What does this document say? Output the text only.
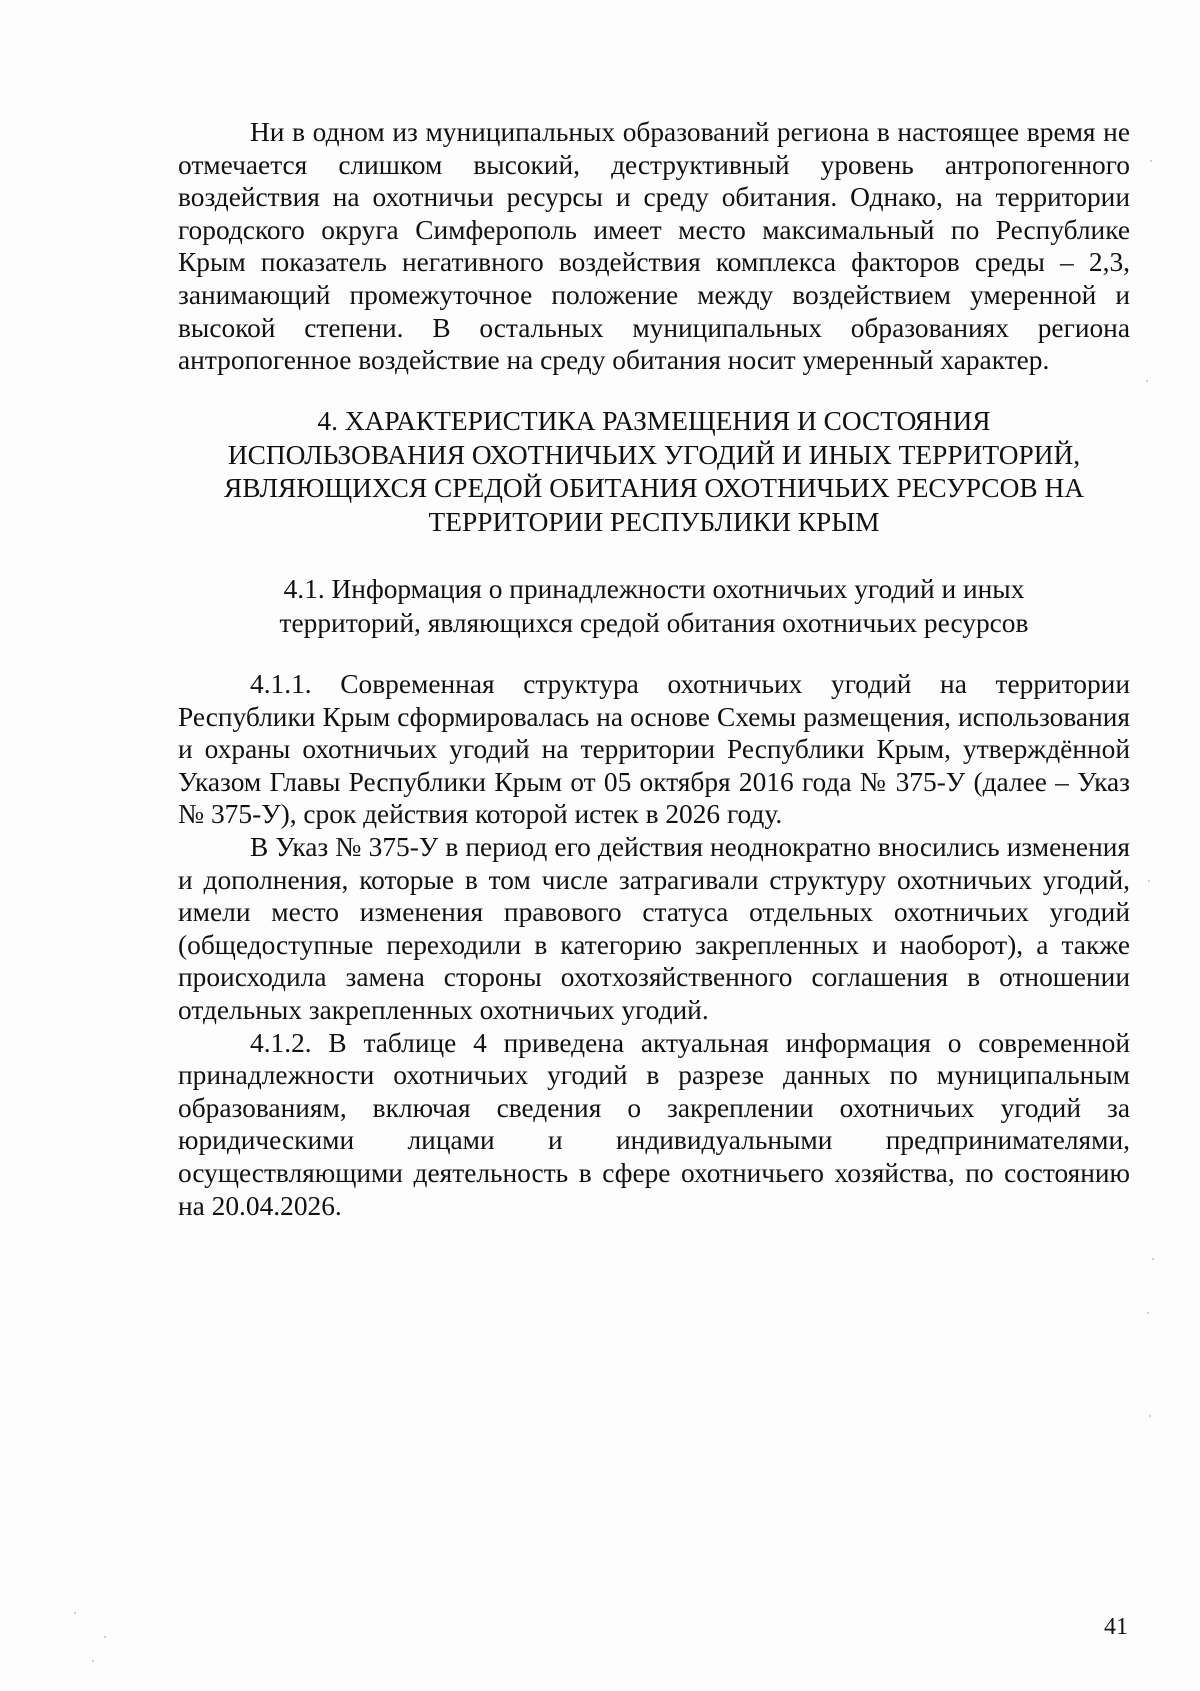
Ни в одном из муниципальных образований региона в настоящее время не отмечается слишком высокий, деструктивный уровень антропогенного воздействия на охотничьи ресурсы и среду обитания. Однако, на территории городского округа Симферополь имеет место максимальный по Республике Крым показатель негативного воздействия комплекса факторов среды – 2,3, занимающий промежуточное положение между воздействием умеренной и высокой степени. В остальных муниципальных образованиях региона антропогенное воздействие на среду обитания носит умеренный характер.

4. ХАРАКТЕРИСТИКА РАЗМЕЩЕНИЯ И СОСТОЯНИЯ
ИСПОЛЬЗОВАНИЯ ОХОТНИЧЬИХ УГОДИЙ И ИНЫХ ТЕРРИТОРИЙ,
ЯВЛЯЮЩИХСЯ СРЕДОЙ ОБИТАНИЯ ОХОТНИЧЬИХ РЕСУРСОВ НА
ТЕРРИТОРИИ РЕСПУБЛИКИ КРЫМ
4.1. Информация о принадлежности охотничьих угодий и иных
территорий, являющихся средой обитания охотничьих ресурсов

4.1.1. Современная структура охотничьих угодий на территории Республики Крым сформировалась на основе Схемы размещения, использования и охраны охотничьих угодий на территории Республики Крым, утверждённой Указом Главы Республики Крым от 05 октября 2016 года № 375-У (далее – Указ № 375-У), срок действия которой истек в 2026 году.

В Указ № 375-У в период его действия неоднократно вносились изменения и дополнения, которые в том числе затрагивали структуру охотничьих угодий, имели место изменения правового статуса отдельных охотничьих угодий (общедоступные переходили в категорию закрепленных и наоборот), а также происходила замена стороны охотхозяйственного соглашения в отношении отдельных закрепленных охотничьих угодий.

4.1.2. В таблице 4 приведена актуальная информация о современной принадлежности охотничьих угодий в разрезе данных по муниципальным образованиям, включая сведения о закреплении охотничьих угодий за юридическими лицами и индивидуальными предпринимателями, осуществляющими деятельность в сфере охотничьего хозяйства, по состоянию на 20.04.2026.

41
